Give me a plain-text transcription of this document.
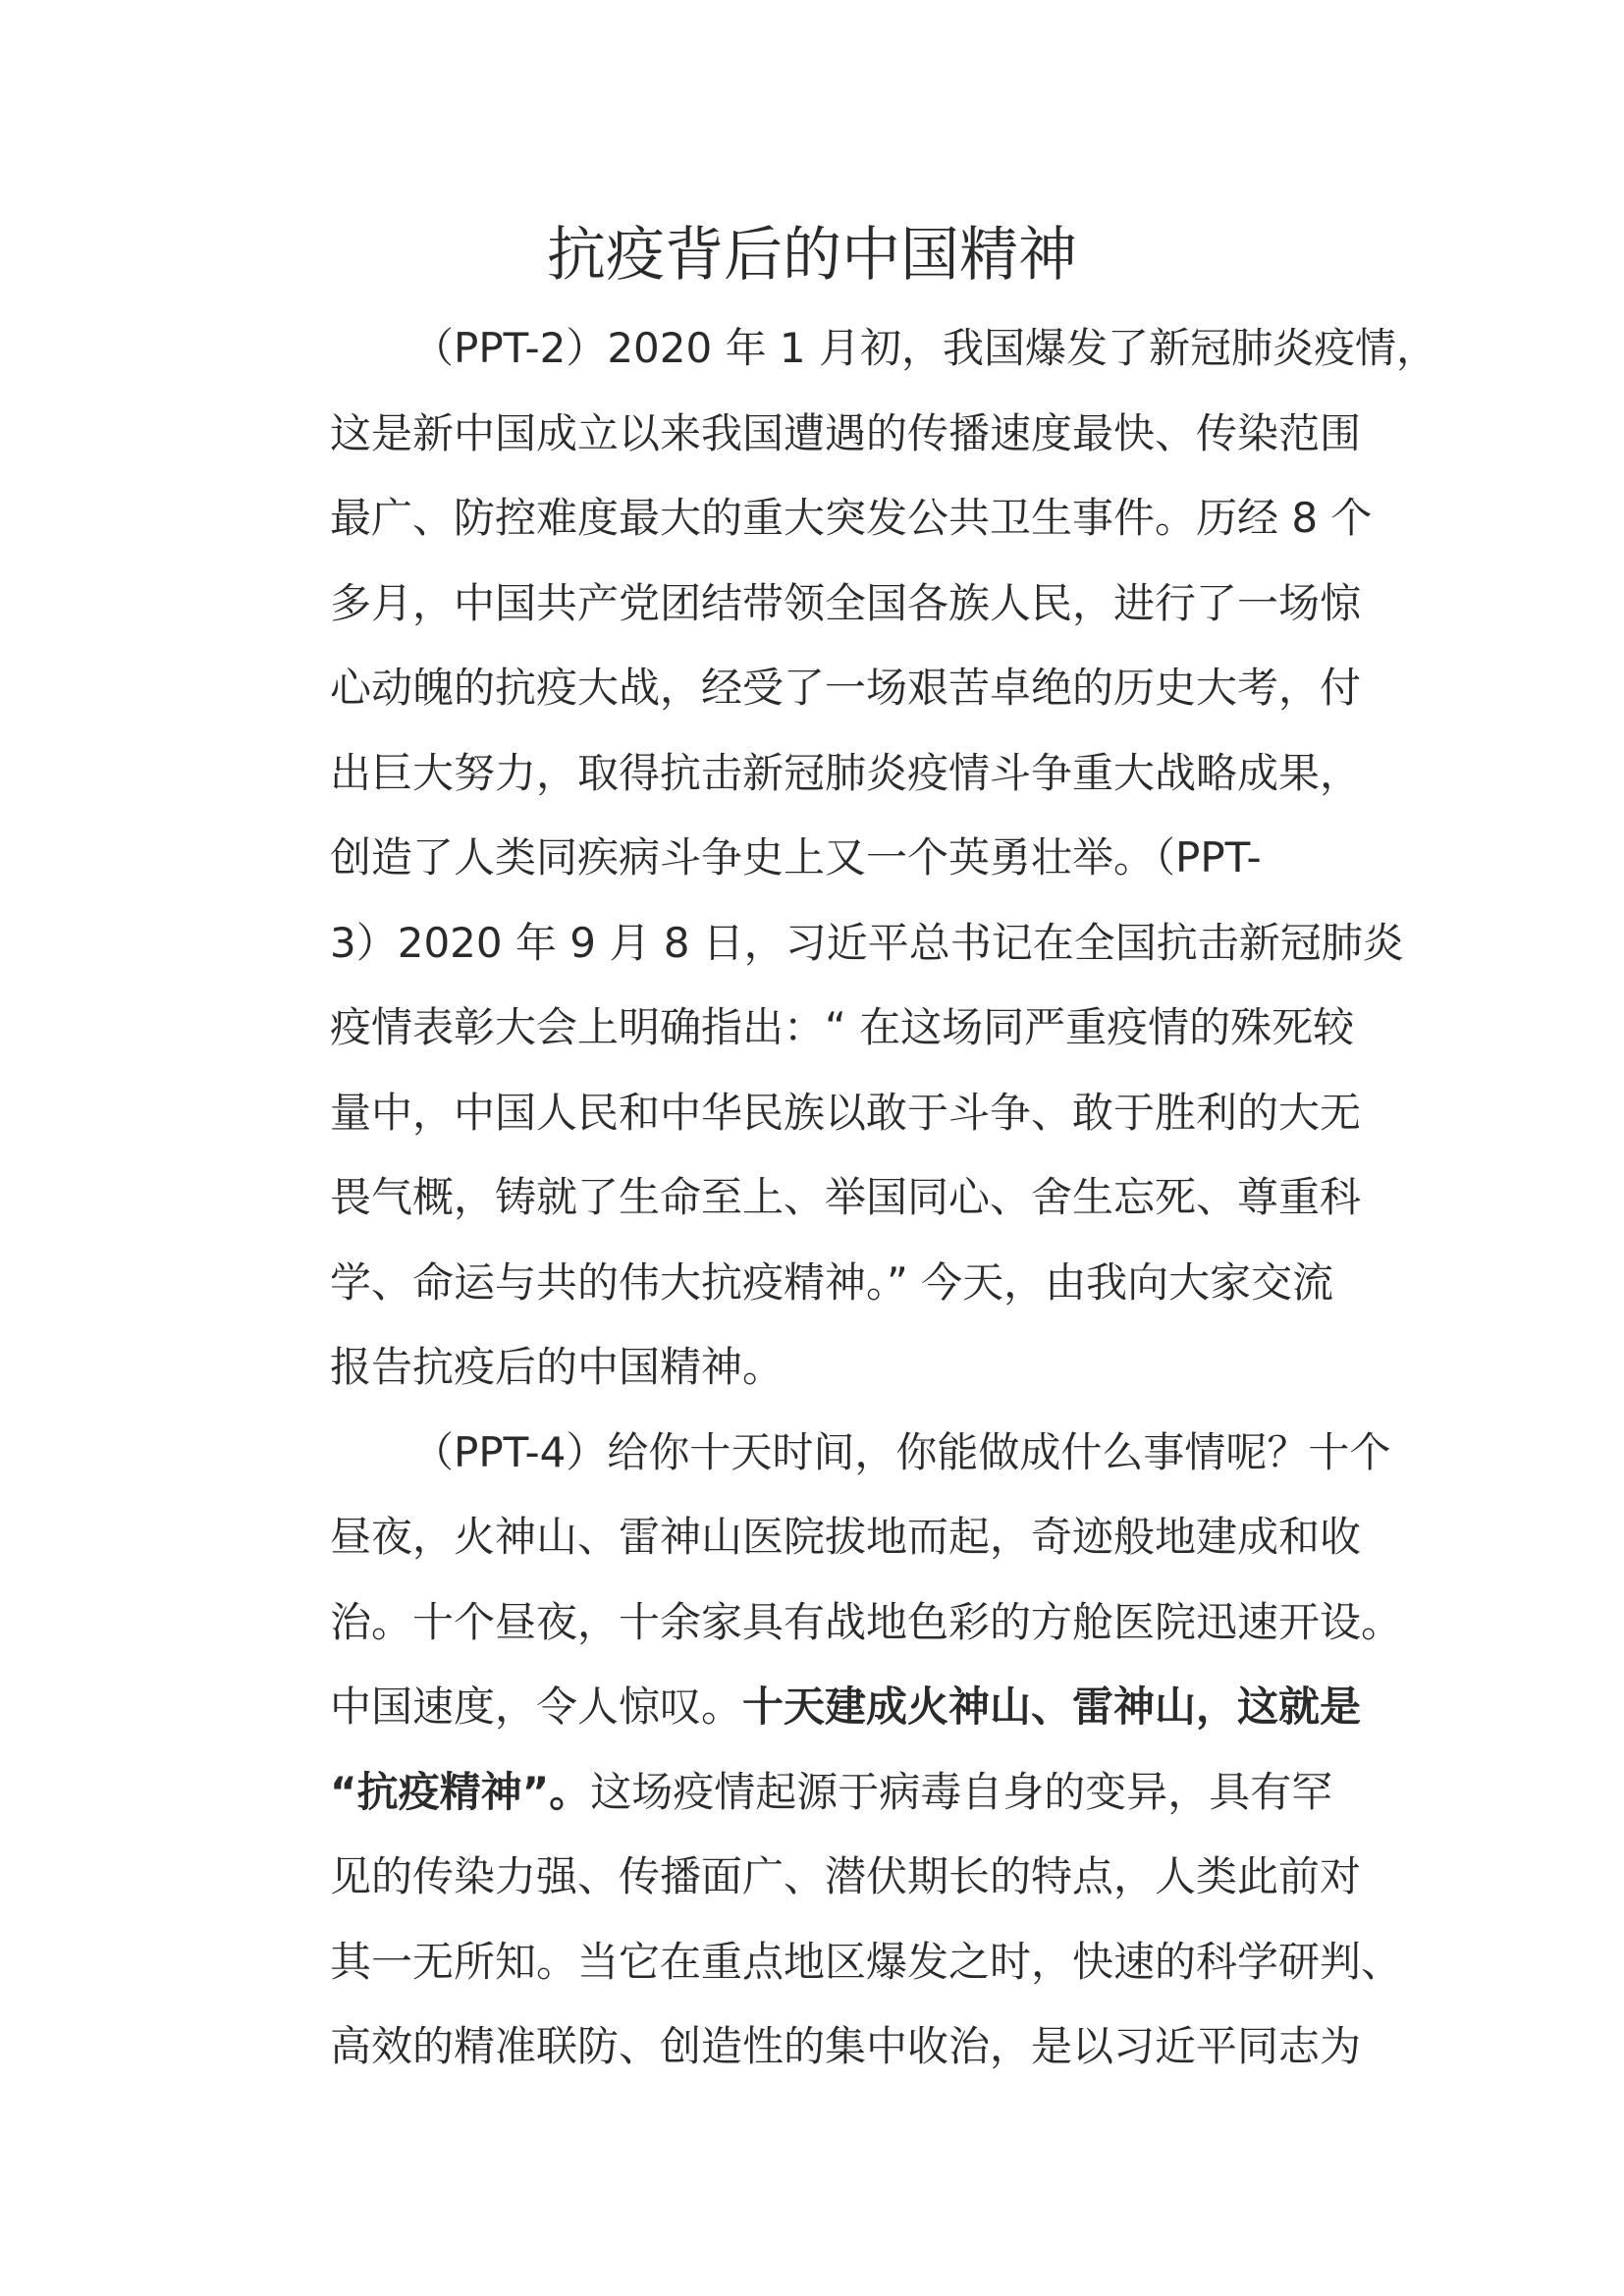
抗疫背后的中国精神
（PPT-2）2020 年 1 月初，我国爆发了新冠肺炎疫情，
这是新中国成立以来我国遭遇的传播速度最快、传染范围
最广、防控难度最大的重大突发公共卫生事件。历经 8 个
多月，中国共产党团结带领全国各族人民，进行了一场惊
心动魄的抗疫大战，经受了一场艰苦卓绝的历史大考，付
出巨大努力，取得抗击新冠肺炎疫情斗争重大战略成果，
创造了人类同疾病斗争史上又一个英勇壮举。（PPT-
3）2020 年 9 月 8 日，习近平总书记在全国抗击新冠肺炎
疫情表彰大会上明确指出：“ 在这场同严重疫情的殊死较
量中，中国人民和中华民族以敢于斗争、敢于胜利的大无
畏气概，铸就了生命至上、举国同心、舍生忘死、尊重科
学、命运与共的伟大抗疫精神。” 今天，由我向大家交流
报告抗疫后的中国精神。
（PPT-4）给你十天时间，你能做成什么事情呢？十个
昼夜，火神山、雷神山医院拔地而起，奇迹般地建成和收
治。十个昼夜，十余家具有战地色彩的方舱医院迅速开设。
中国速度，令人惊叹。十天建成火神山、雷神山，这就是
“抗疫精神”。这场疫情起源于病毒自身的变异，具有罕
见的传染力强、传播面广、潜伏期长的特点，人类此前对
其一无所知。当它在重点地区爆发之时，快速的科学研判、
高效的精准联防、创造性的集中收治，是以习近平同志为
